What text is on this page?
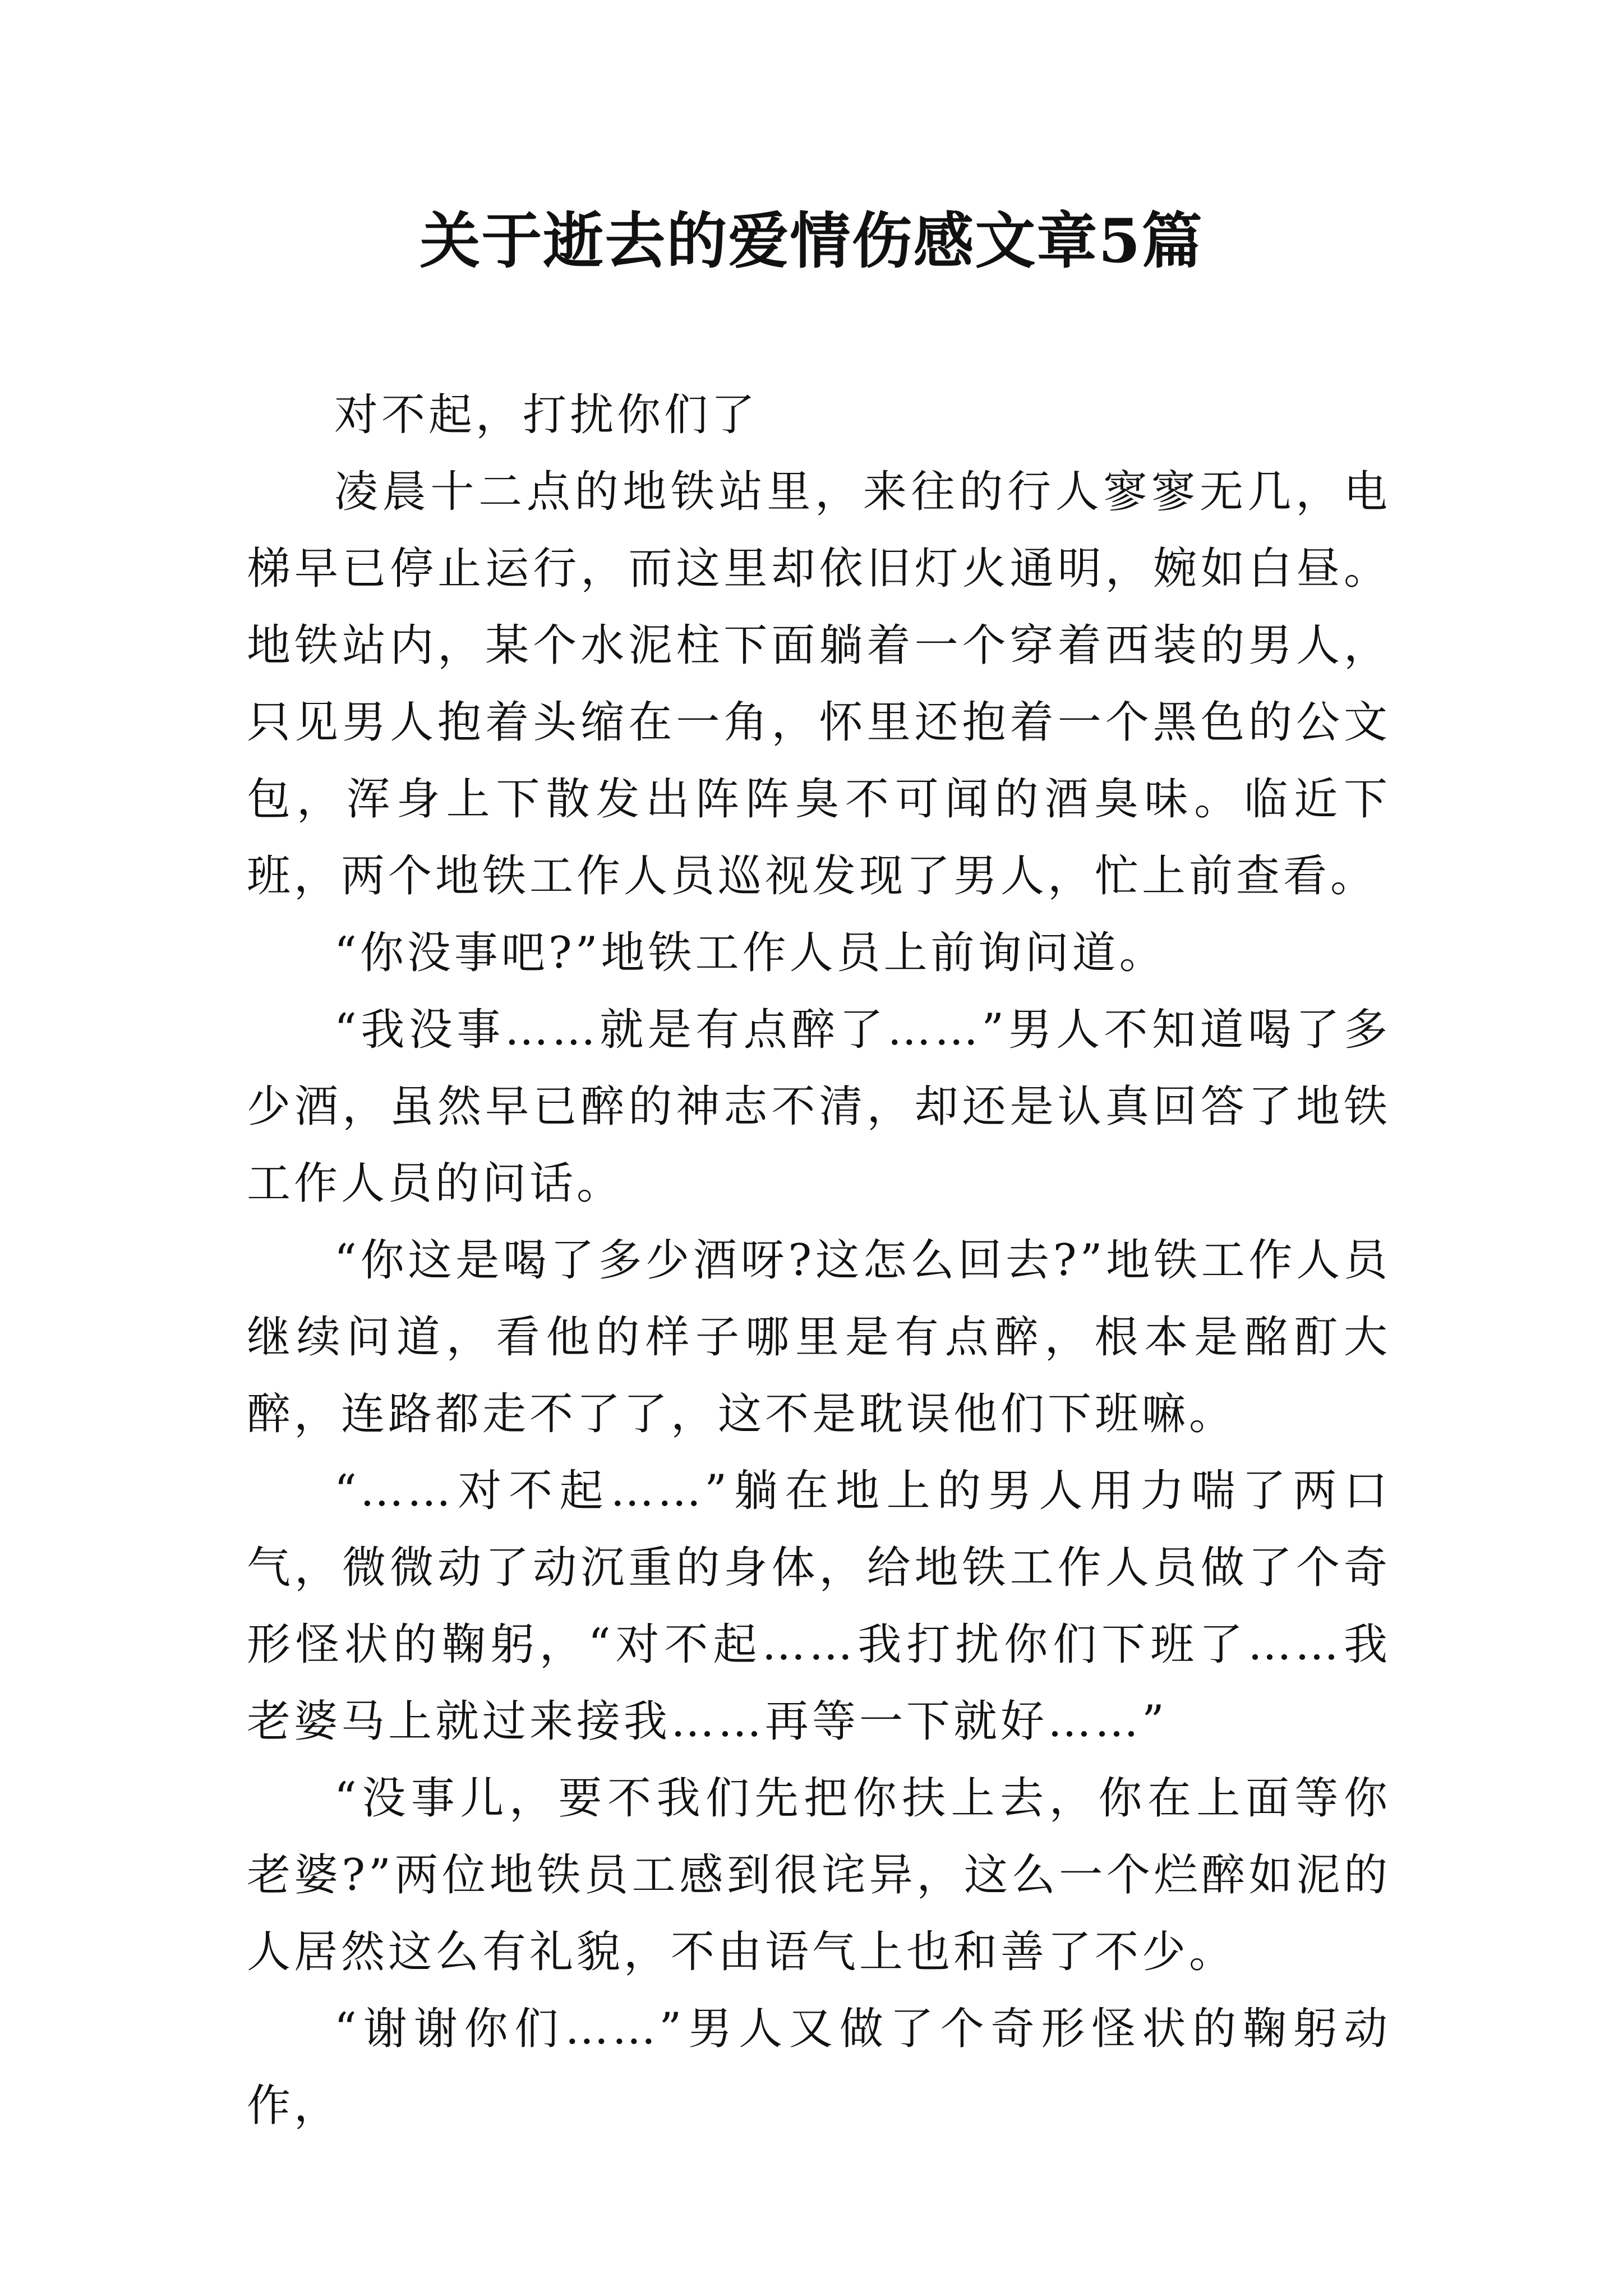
关于逝去的爱情伤感文章5篇

对不起，打扰你们了

凌晨十二点的地铁站里，来往的行人寥寥无几，电梯早已停止运行，而这里却依旧灯火通明，婉如白昼。地铁站内，某个水泥柱下面躺着一个穿着西装的男人，只见男人抱着头缩在一角，怀里还抱着一个黑色的公文包，浑身上下散发出阵阵臭不可闻的酒臭味。临近下班，两个地铁工作人员巡视发现了男人，忙上前查看。

“你没事吧?”地铁工作人员上前询问道。

“我没事……就是有点醉了……”男人不知道喝了多少酒，虽然早已醉的神志不清，却还是认真回答了地铁工作人员的问话。

“你这是喝了多少酒呀?这怎么回去?”地铁工作人员继续问道，看他的样子哪里是有点醉，根本是酩酊大醉，连路都走不了了，这不是耽误他们下班嘛。

“……对不起……”躺在地上的男人用力喘了两口气，微微动了动沉重的身体，给地铁工作人员做了个奇形怪状的鞠躬，“对不起……我打扰你们下班了……我老婆马上就过来接我……再等一下就好……”

“没事儿，要不我们先把你扶上去，你在上面等你老婆?”两位地铁员工感到很诧异，这么一个烂醉如泥的人居然这么有礼貌，不由语气上也和善了不少。

“谢谢你们……”男人又做了个奇形怪状的鞠躬动作，
